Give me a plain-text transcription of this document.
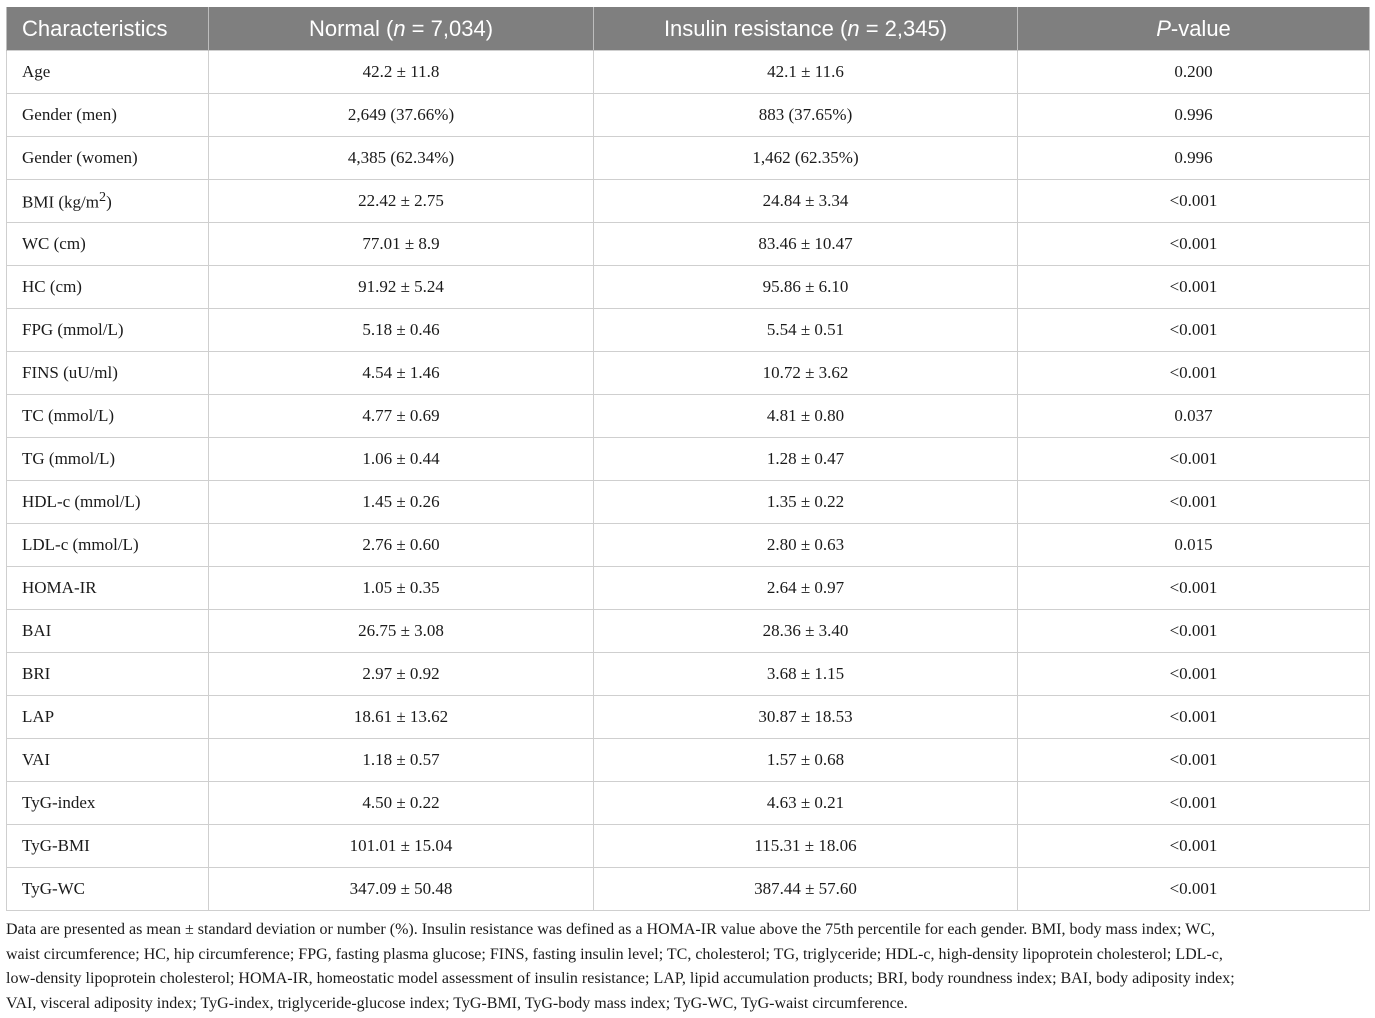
Characteristics	Normal (n = 7,034)	Insulin resistance (n = 2,345)	P-value
Age	42.2 ± 11.8	42.1 ± 11.6	0.200
Gender (men)	2,649 (37.66%)	883 (37.65%)	0.996
Gender (women)	4,385 (62.34%)	1,462 (62.35%)	0.996
BMI $(kg/m^2)$	22.42 ± 2.75	24.84 ± 3.34	<0.001
WC (cm)	77.01 ± 8.9	83.46 ± 10.47	<0.001
HC (cm)	91.92 ± 5.24	95.86 ± 6.10	<0.001
FPG (mmol/L)	5.18 ± 0.46	5.54 ± 0.51	<0.001
FINS (uU/ml)	4.54 ± 1.46	10.72 ± 3.62	<0.001
TC (mmol/L)	4.77 ± 0.69	4.81 ± 0.80	0.037
TG (mmol/L)	1.06 ± 0.44	1.28 ± 0.47	<0.001
HDL-c (mmol/L)	1.45 ± 0.26	1.35 ± 0.22	<0.001
LDL-c (mmol/L)	2.76 ± 0.60	2.80 ± 0.63	0.015
HOMA-IR	1.05 ± 0.35	2.64 ± 0.97	<0.001
BAI	26.75 ± 3.08	28.36 ± 3.40	<0.001
BRI	2.97 ± 0.92	3.68 ± 1.15	<0.001
LAP	18.61 ± 13.62	30.87 ± 18.53	<0.001
VAI	1.18 ± 0.57	1.57 ± 0.68	<0.001
TyG-index	4.50 ± 0.22	4.63 ± 0.21	<0.001
TyG-BMI	101.01 ± 15.04	115.31 ± 18.06	<0.001
TyG-WC	347.09 ± 50.48	387.44 ± 57.60	<0.001
Data are presented as mean ± standard deviation or number (%). Insulin resistance was defined as a HOMA-IR value above the 75th percentile for each gender. BMI, body mass index; WC,
waist circumference; HC, hip circumference; FPG, fasting plasma glucose; FINS, fasting insulin level; TC, cholesterol; TG, triglyceride; HDL-c, high-density lipoprotein cholesterol; LDL-c,
low-density lipoprotein cholesterol; HOMA-IR, homeostatic model assessment of insulin resistance; LAP, lipid accumulation products; BRI, body roundness index; BAI, body adiposity index;
VAI, visceral adiposity index; TyG-index, triglyceride-glucose index; TyG-BMI, TyG-body mass index; TyG-WC, TyG-waist circumference.
